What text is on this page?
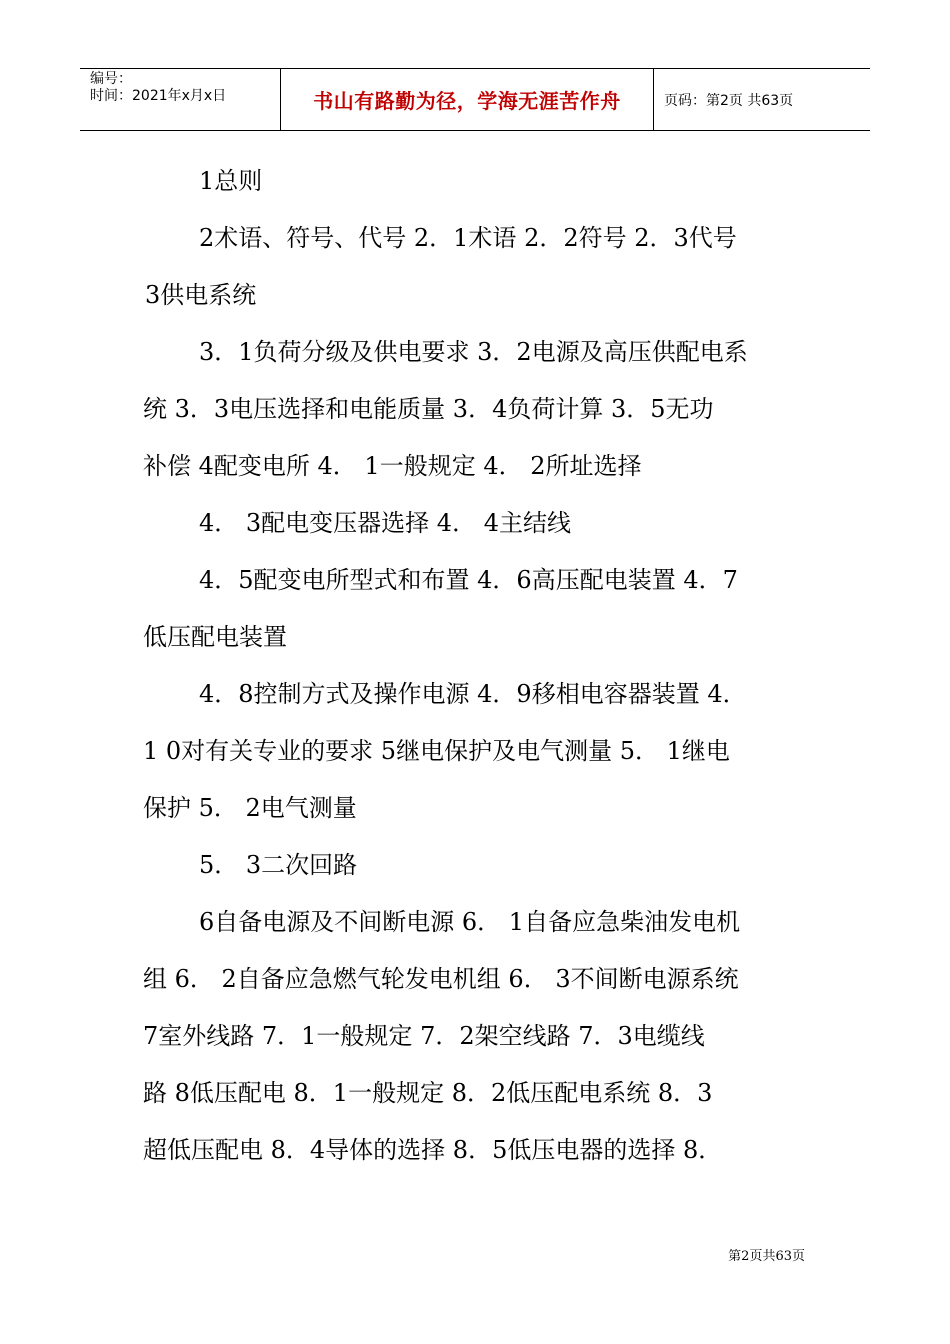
编号：
时间：2021年x月x日	书山有路勤为径，学海无涯苦作舟	页码：第2页 共63页
1总则
2术语、符号、代号 2．1术语 2．2符号 2．3代号
3供电系统
3．1负荷分级及供电要求 3．2电源及高压供配电系
统 3．3电压选择和电能质量 3．4负荷计算 3．5无功
补偿 4配变电所 4． 1一般规定 4． 2所址选择
4． 3配电变压器选择 4． 4主结线
4．5配变电所型式和布置 4．6高压配电装置 4．7
低压配电装置
4．8控制方式及操作电源 4．9移相电容器装置 4．
1 0对有关专业的要求 5继电保护及电气测量 5． 1继电
保护 5． 2电气测量
5． 3二次回路
6自备电源及不间断电源 6． 1自备应急柴油发电机
组 6． 2自备应急燃气轮发电机组 6． 3不间断电源系统
7室外线路 7．1一般规定 7．2架空线路 7．3电缆线
路 8低压配电 8．1一般规定 8．2低压配电系统 8．3
超低压配电 8．4导体的选择 8．5低压电器的选择 8．
第2页共63页
